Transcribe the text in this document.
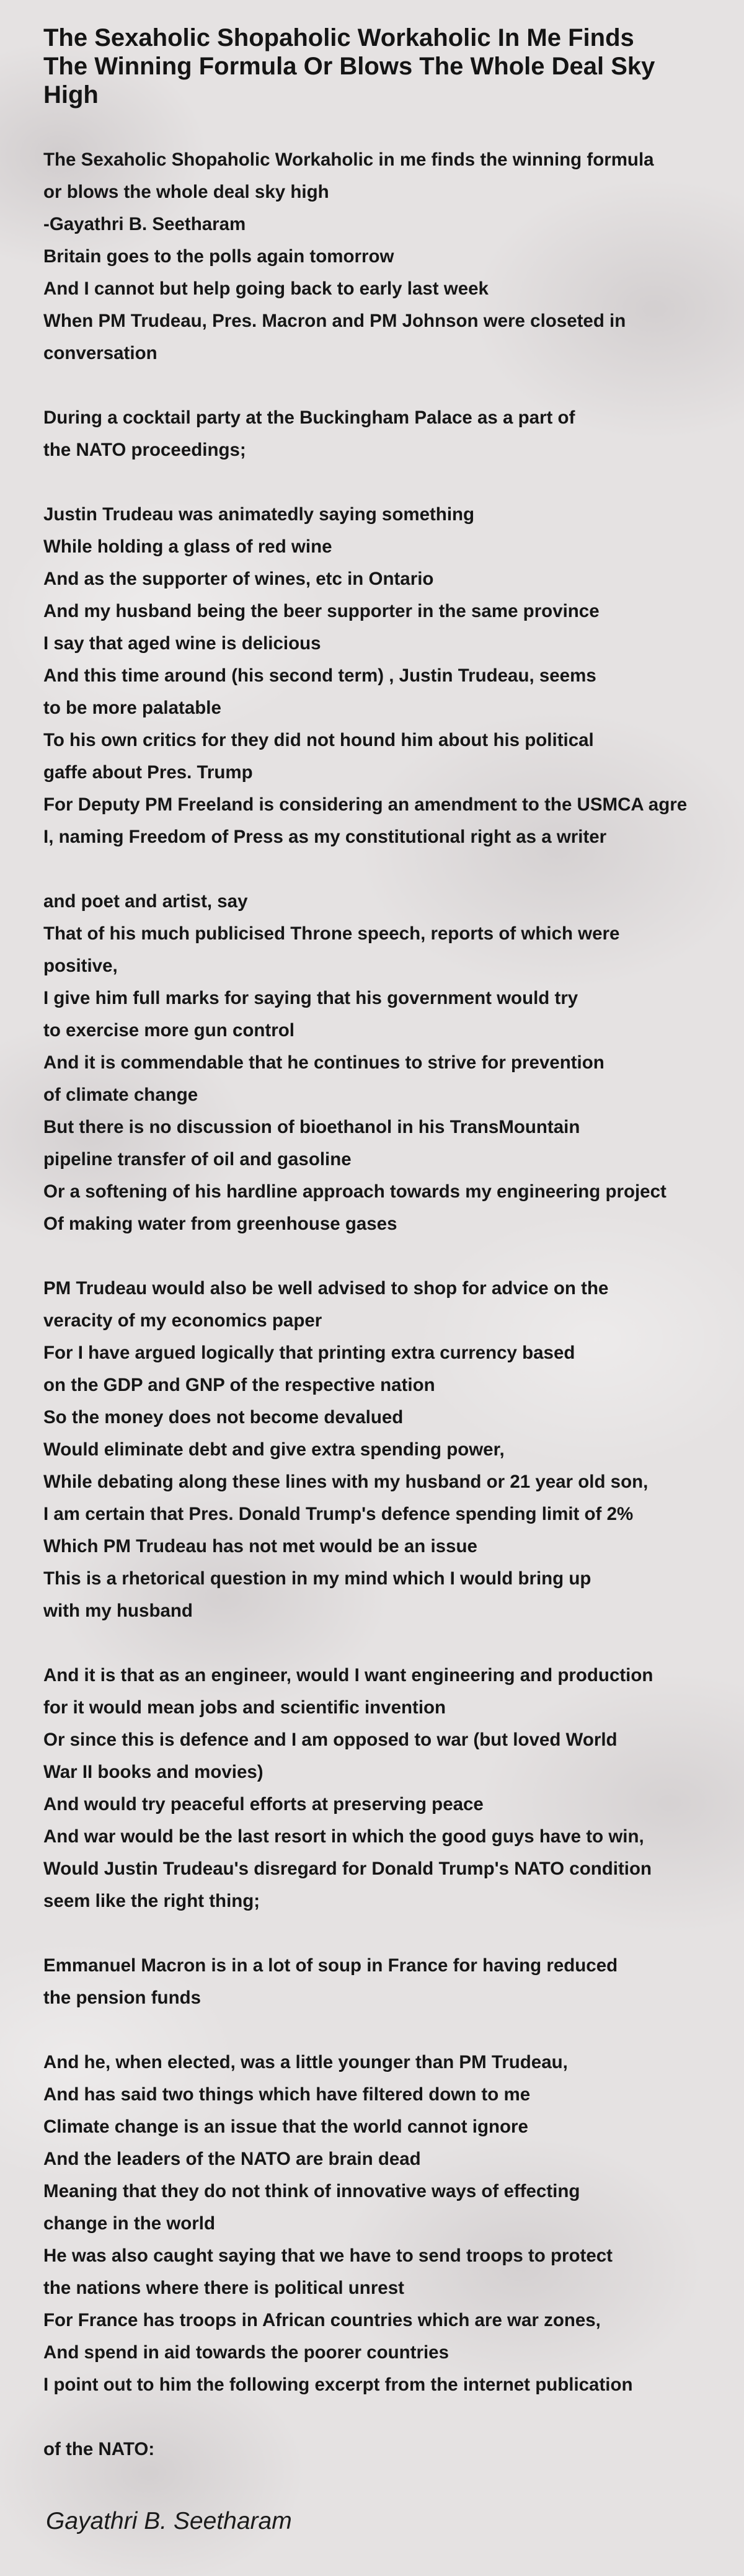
The Sexaholic Shopaholic Workaholic In Me Finds The Winning Formula Or Blows The Whole Deal Sky High
The Sexaholic Shopaholic Workaholic in me finds the winning formula
or blows the whole deal sky high
-Gayathri B. Seetharam
Britain goes to the polls again tomorrow
And I cannot but help going back to early last week
When PM Trudeau, Pres. Macron and PM Johnson were closeted in
conversation
During a cocktail party at the Buckingham Palace as a part of
the NATO proceedings;
Justin Trudeau was animatedly saying something
While holding a glass of red wine
And as the supporter of wines, etc in Ontario
And my husband being the beer supporter in the same province
I say that aged wine is delicious
And this time around (his second term) , Justin Trudeau, seems
to be more palatable
To his own critics for they did not hound him about his political
gaffe about Pres. Trump
For Deputy PM Freeland is considering an amendment to the USMCA agre
I, naming Freedom of Press as my constitutional right as a writer
and poet and artist, say
That of his much publicised Throne speech, reports of which were
positive,
I give him full marks for saying that his government would try
to exercise more gun control
And it is commendable that he continues to strive for prevention
of climate change
But there is no discussion of bioethanol in his TransMountain
pipeline transfer of oil and gasoline
Or a softening of his hardline approach towards my engineering project
Of making water from greenhouse gases
PM Trudeau would also be well advised to shop for advice on the
veracity of my economics paper
For I have argued logically that printing extra currency based
on the GDP and GNP of the respective nation
So the money does not become devalued
Would eliminate debt and give extra spending power,
While debating along these lines with my husband or 21 year old son,
I am certain that Pres. Donald Trump's defence spending limit of 2%
Which PM Trudeau has not met would be an issue
This is a rhetorical question in my mind which I would bring up
with my husband
And it is that as an engineer, would I want engineering and production
for it would mean jobs and scientific invention
Or since this is defence and I am opposed to war (but loved World
War II books and movies)
And would try peaceful efforts at preserving peace
And war would be the last resort in which the good guys have to win,
Would Justin Trudeau's disregard for Donald Trump's NATO condition
seem like the right thing;
Emmanuel Macron is in a lot of soup in France for having reduced
the pension funds
And he, when elected, was a little younger than PM Trudeau,
And has said two things which have filtered down to me
Climate change is an issue that the world cannot ignore
And the leaders of the NATO are brain dead
Meaning that they do not think of innovative ways of effecting
change in the world
He was also caught saying that we have to send troops to protect
the nations where there is political unrest
For France has troops in African countries which are war zones,
And spend in aid towards the poorer countries
I point out to him the following excerpt from the internet publication
of the NATO:
Gayathri B. Seetharam
